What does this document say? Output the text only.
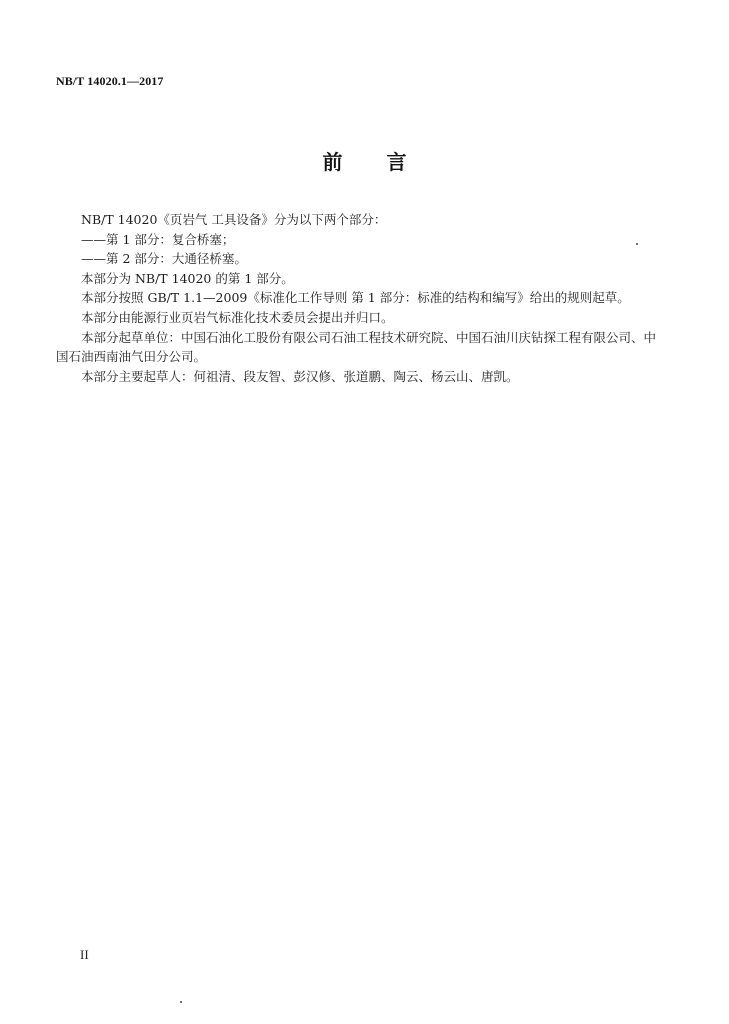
NB/T 14020.1—2017
前 言

NB/T 14020《页岩气 工具设备》分为以下两个部分：

——第 1 部分：复合桥塞；

——第 2 部分：大通径桥塞。

本部分为 NB/T 14020 的第 1 部分。

本部分按照 GB/T 1.1—2009《标准化工作导则 第 1 部分：标准的结构和编写》给出的规则起草。

本部分由能源行业页岩气标准化技术委员会提出并归口。

本部分起草单位：中国石油化工股份有限公司石油工程技术研究院、中国石油川庆钻探工程有限公司、中国石油西南油气田分公司。

本部分主要起草人：何祖清、段友智、彭汉修、张道鹏、陶云、杨云山、唐凯。

II
